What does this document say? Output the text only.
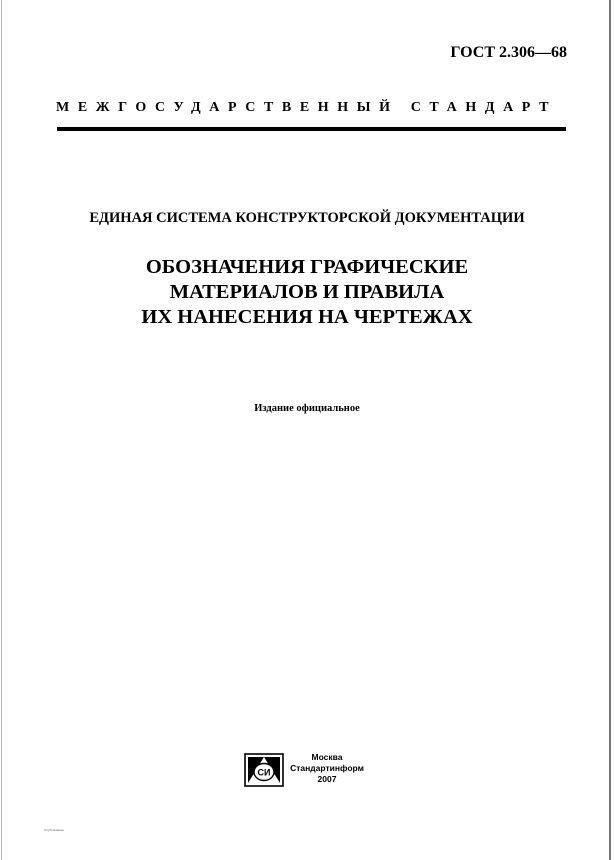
ГОСТ 2.306—68
МЕЖГОСУДАРСТВЕННЫЙ СТАНДАРТ
ЕДИНАЯ СИСТЕМА КОНСТРУКТОРСКОЙ ДОКУМЕНТАЦИИ
ОБОЗНАЧЕНИЯ ГРАФИЧЕСКИЕ
МАТЕРИАЛОВ И ПРАВИЛА
ИХ НАНЕСЕНИЯ НА ЧЕРТЕЖАХ
Издание официальное
СИ
Москва
Стандартинформ
2007
Опубликовано
